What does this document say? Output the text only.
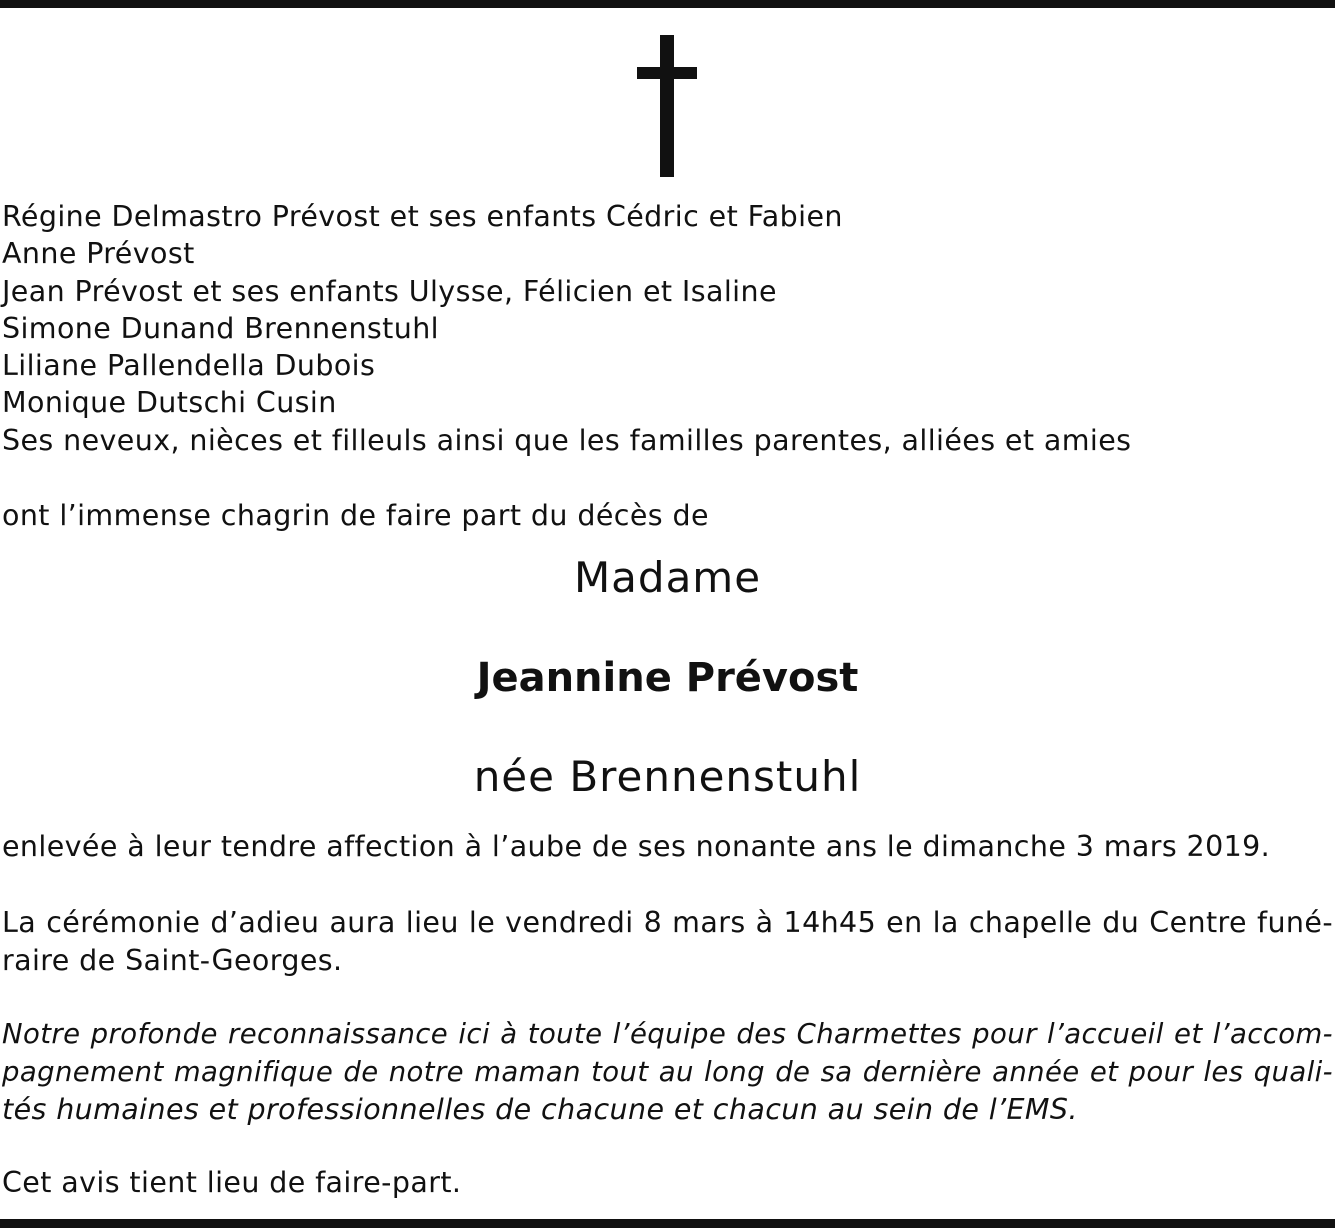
Régine Delmastro Prévost et ses enfants Cédric et Fabien
Anne Prévost
Jean Prévost et ses enfants Ulysse, Félicien et Isaline
Simone Dunand Brennenstuhl
Liliane Pallendella Dubois
Monique Dutschi Cusin
Ses neveux, nièces et filleuls ainsi que les familles parentes, alliées et amies
ont l’immense chagrin de faire part du décès de
Madame
Jeannine Prévost
née Brennenstuhl
enlevée à leur tendre affection à l’aube de ses nonante ans le dimanche 3 mars 2019.
La cérémonie d’adieu aura lieu le vendredi 8 mars à 14h45 en la chapelle du Centre funé-
raire de Saint-Georges.
Notre profonde reconnaissance ici à toute l’équipe des Charmettes pour l’accueil et l’accom-
pagnement magnifique de notre maman tout au long de sa dernière année et pour les quali-
tés humaines et professionnelles de chacune et chacun au sein de l’EMS.
Cet avis tient lieu de faire-part.
